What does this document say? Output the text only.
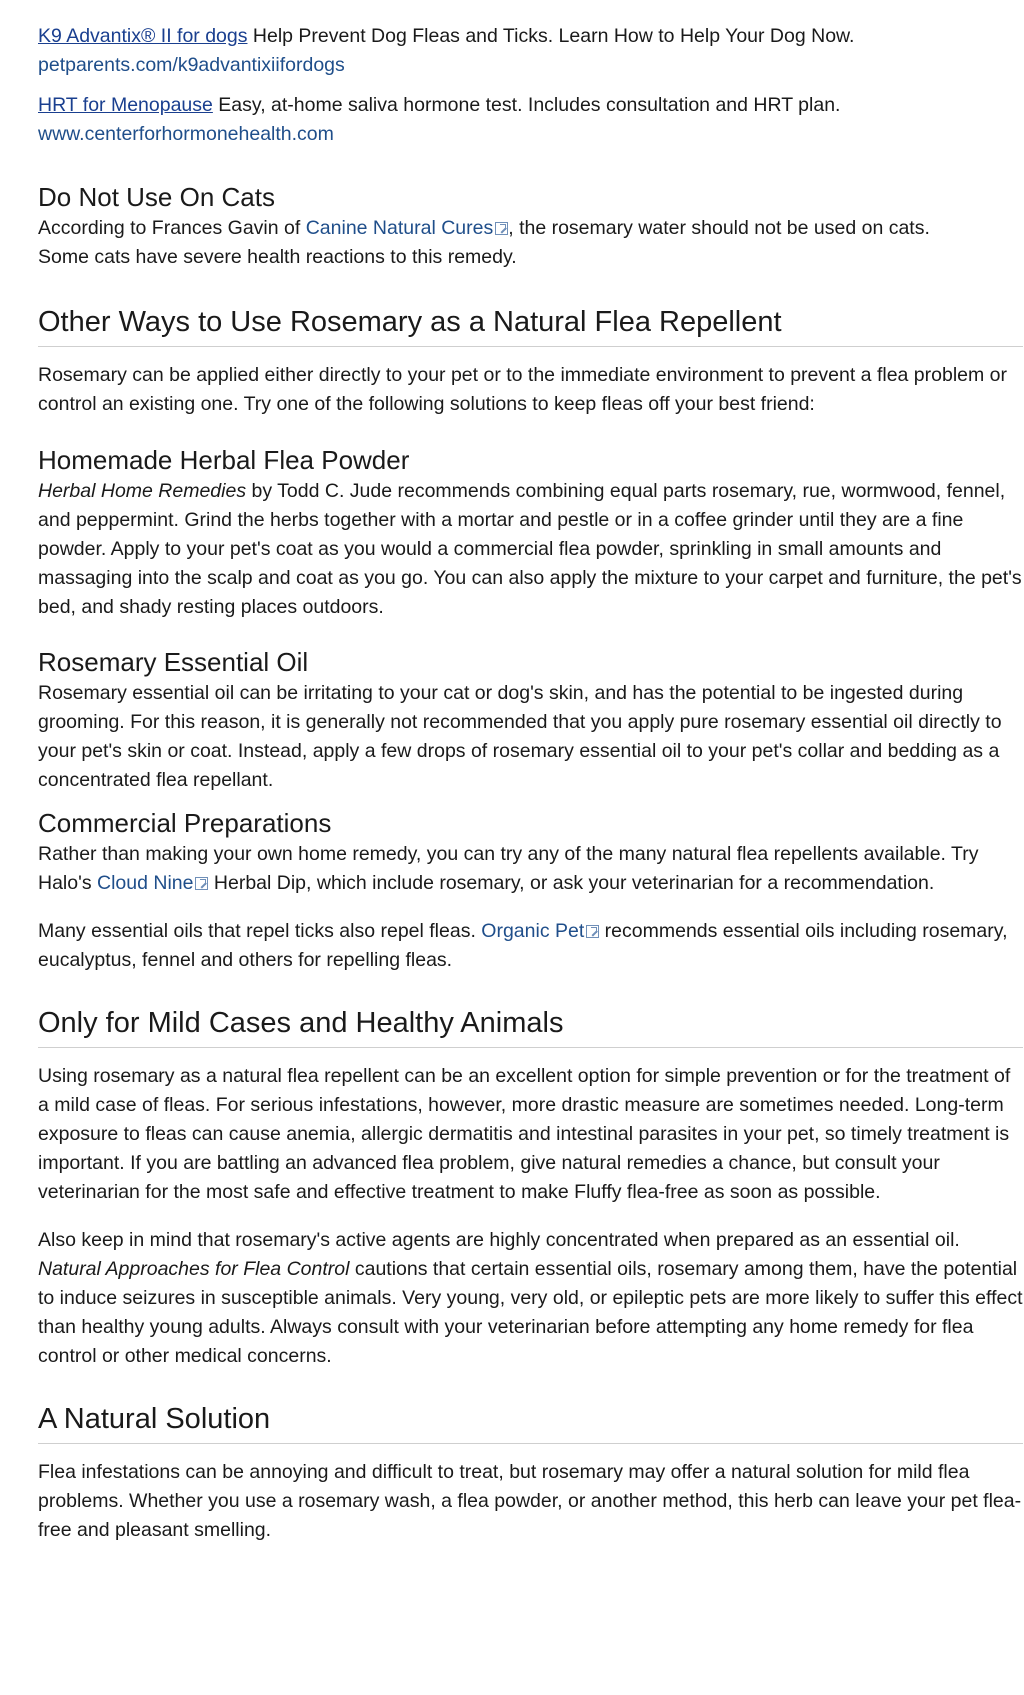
K9 Advantix® II for dogs Help Prevent Dog Fleas and Ticks. Learn How to Help Your Dog Now.
petparents.com/k9advantixiifordogs
HRT for Menopause Easy, at-home saliva hormone test. Includes consultation and HRT plan.
www.centerforhormonehealth.com
Do Not Use On Cats

According to Frances Gavin of Canine Natural Cures , the rosemary water should not be used on cats.
Some cats have severe health reactions to this remedy.

Other Ways to Use Rosemary as a Natural Flea Repellent

Rosemary can be applied either directly to your pet or to the immediate environment to prevent a flea problem or control an existing one. Try one of the following solutions to keep fleas off your best friend:

Homemade Herbal Flea Powder

Herbal Home Remedies by Todd C. Jude recommends combining equal parts rosemary, rue, wormwood, fennel, and peppermint. Grind the herbs together with a mortar and pestle or in a coffee grinder until they are a fine powder. Apply to your pet's coat as you would a commercial flea powder, sprinkling in small amounts and massaging into the scalp and coat as you go. You can also apply the mixture to your carpet and furniture, the pet's bed, and shady resting places outdoors.

Rosemary Essential Oil

Rosemary essential oil can be irritating to your cat or dog's skin, and has the potential to be ingested during grooming. For this reason, it is generally not recommended that you apply pure rosemary essential oil directly to your pet's skin or coat. Instead, apply a few drops of rosemary essential oil to your pet's collar and bedding as a concentrated flea repellant.

Commercial Preparations

Rather than making your own home remedy, you can try any of the many natural flea repellents available. Try Halo's Cloud Nine Herbal Dip, which include rosemary, or ask your veterinarian for a recommendation.

Many essential oils that repel ticks also repel fleas. Organic Pet recommends essential oils including rosemary, eucalyptus, fennel and others for repelling fleas.

Only for Mild Cases and Healthy Animals

Using rosemary as a natural flea repellent can be an excellent option for simple prevention or for the treatment of a mild case of fleas. For serious infestations, however, more drastic measure are sometimes needed. Long-term exposure to fleas can cause anemia, allergic dermatitis and intestinal parasites in your pet, so timely treatment is important. If you are battling an advanced flea problem, give natural remedies a chance, but consult your veterinarian for the most safe and effective treatment to make Fluffy flea-free as soon as possible.

Also keep in mind that rosemary's active agents are highly concentrated when prepared as an essential oil. Natural Approaches for Flea Control cautions that certain essential oils, rosemary among them, have the potential to induce seizures in susceptible animals. Very young, very old, or epileptic pets are more likely to suffer this effect than healthy young adults. Always consult with your veterinarian before attempting any home remedy for flea control or other medical concerns.

A Natural Solution

Flea infestations can be annoying and difficult to treat, but rosemary may offer a natural solution for mild flea problems. Whether you use a rosemary wash, a flea powder, or another method, this herb can leave your pet flea-free and pleasant smelling.
